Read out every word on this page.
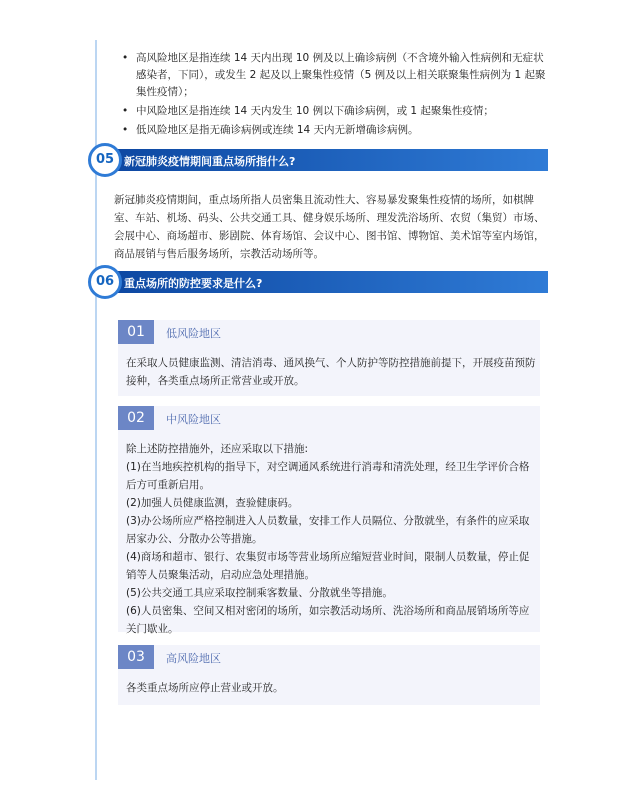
• 高风险地区是指连续 14 天内出现 10 例及以上确诊病例（不含境外输入性病例和无症状感染者，下同），或发生 2 起及以上聚集性疫情（5 例及以上相关联聚集性病例为 1 起聚集性疫情）；
• 中风险地区是指连续 14 天内发生 10 例以下确诊病例，或 1 起聚集性疫情；
• 低风险地区是指无确诊病例或连续 14 天内无新增确诊病例。
新冠肺炎疫情期间重点场所指什么?
05

新冠肺炎疫情期间，重点场所指人员密集且流动性大、容易暴发聚集性疫情的场所，如棋牌室、车站、机场、码头、公共交通工具、健身娱乐场所、理发洗浴场所、农贸（集贸）市场、会展中心、商场超市、影剧院、体育场馆、会议中心、图书馆、博物馆、美术馆等室内场馆，商品展销与售后服务场所，宗教活动场所等。

重点场所的防控要求是什么?
06
01	低风险地区

在采取人员健康监测、清洁消毒、通风换气、个人防护等防控措施前提下，开展疫苗预防接种，各类重点场所正常营业或开放。

02	中风险地区

除上述防控措施外，还应采取以下措施:

(1)在当地疾控机构的指导下，对空调通风系统进行消毒和清洗处理，经卫生学评价合格后方可重新启用。

(2)加强人员健康监测，查验健康码。

(3)办公场所应严格控制进入人员数量，安排工作人员隔位、分散就坐，有条件的应采取居家办公、分散办公等措施。

(4)商场和超市、银行、农集贸市场等营业场所应缩短营业时间，限制人员数量，停止促销等人员聚集活动，启动应急处理措施。

(5)公共交通工具应采取控制乘客数量、分散就坐等措施。

(6)人员密集、空间又相对密闭的场所，如宗教活动场所、洗浴场所和商品展销场所等应关门歇业。

03	高风险地区

各类重点场所应停止营业或开放。
